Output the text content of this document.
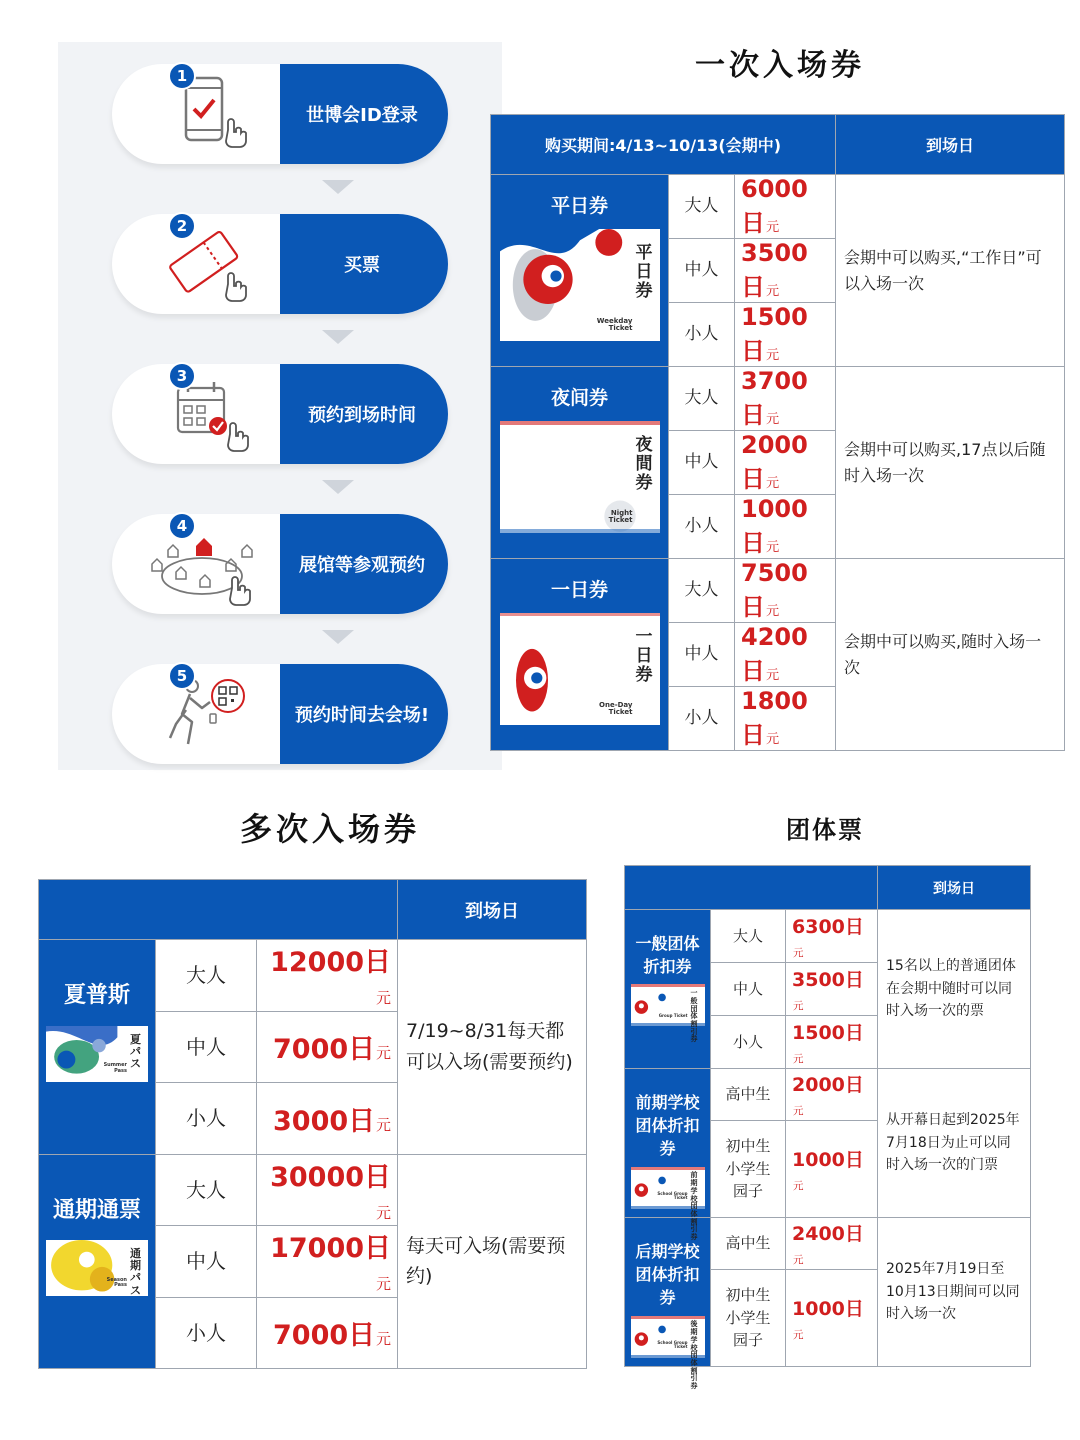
1
世博会ID登录
2
买票
3
预约到场时间
4
展馆等参观预约
5
预约时间去会场!
一次入场券
购买期间:4/13~10/13(会期中)			到场日

平日券
平日券
Weekday
Ticket	大人	6000日元	会期中可以购买,“工作日”可以入场一次
	中人	3500日元	
	小人	1500日元	

夜间券
夜間券
Night
Ticket	大人	3700日元	会期中可以购买,17点以后随时入场一次
	中人	2000日元	
	小人	1000日元	

一日券
一日券
One-Day
Ticket	大人	7500日元	会期中可以购买,随时入场一次
	中人	4200日元	
	小人	1800日元	
多次入场券
			到场日

夏普斯
夏パス
Summer
Pass	大人	12000日元	7/19~8/31每天都可以入场(需要预约)
	中人	7000日元	
	小人	3000日元	

通期通票
通期パス
Season
Pass	大人	30000日元	每天可入场(需要预约)
	中人	17000日元	
	小人	7000日元	
团体票
			到场日

一般团体折扣券
一般団体割引券
Group Ticket	大人	6300日元	15名以上的普通团体在会期中随时可以同时入场一次的票
	中人	3500日元	
	小人	1500日元	

前期学校团体折扣券
前期学校団体割引券
School Group
Ticket	高中生	2000日元	从开幕日起到2025年7月18日为止可以同时入场一次的门票
	初中生
小学生
园子	1000日元	

后期学校团体折扣券
後期学校団体割引券
School Group
Ticket	高中生	2400日元	2025年7月19日至10月13日期间可以同时入场一次
	初中生
小学生
园子	1000日元	
